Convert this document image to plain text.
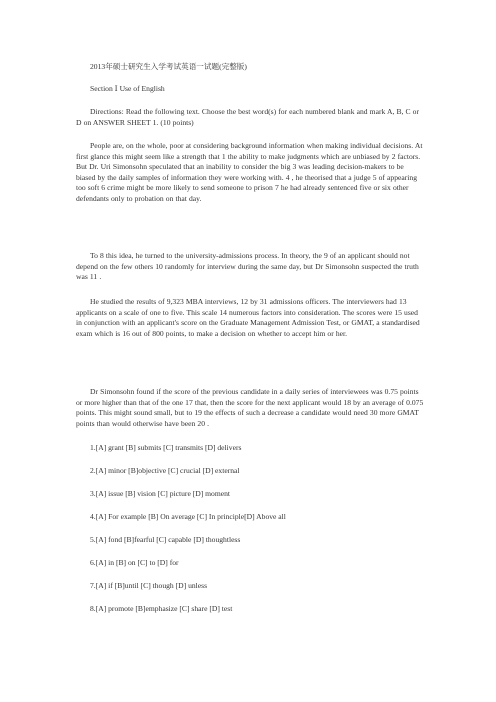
2013年硕士研究生入学考试英语一试题(完整版)

Section Ⅰ Use of English

Directions: Read the following text. Choose the best word(s) for each numbered blank and mark A, B, C or D on ANSWER SHEET 1. (10 points)

People are, on the whole, poor at considering background information when making individual decisions. At first glance this might seem like a strength that 1 the ability to make judgments which are unbiased by 2 factors. But Dr. Uri Simonsohn speculated that an inability to consider the big 3 was leading decision-makers to be biased by the daily samples of information they were working with. 4 , he theorised that a judge 5 of appearing too soft 6 crime might be more likely to send someone to prison 7 he had already sentenced five or six other defendants only to probation on that day.

To 8 this idea, he turned to the university-admissions process. In theory, the 9 of an applicant should not depend on the few others 10 randomly for interview during the same day, but Dr Simonsohn suspected the truth was 11 .

He studied the results of 9,323 MBA interviews, 12 by 31 admissions officers. The interviewers had 13 applicants on a scale of one to five. This scale 14 numerous factors into consideration. The scores were 15 used in conjunction with an applicant's score on the Graduate Management Admission Test, or GMAT, a standardised exam which is 16 out of 800 points, to make a decision on whether to accept him or her.

Dr Simonsohn found if the score of the previous candidate in a daily series of interviewees was 0.75 points or more higher than that of the one 17 that, then the score for the next applicant would 18 by an average of 0.075 points. This might sound small, but to 19 the effects of such a decrease a candidate would need 30 more GMAT points than would otherwise have been 20 .

1.[A] grant [B] submits [C] transmits [D] delivers

2.[A] minor [B]objective [C] crucial [D] external

3.[A] issue [B] vision [C] picture [D] moment

4.[A] For example [B] On average [C] In principle[D] Above all

5.[A] fond [B]fearful [C] capable [D] thoughtless

6.[A] in [B] on [C] to [D] for

7.[A] if [B]until [C] though [D] unless

8.[A] promote [B]emphasize [C] share [D] test
